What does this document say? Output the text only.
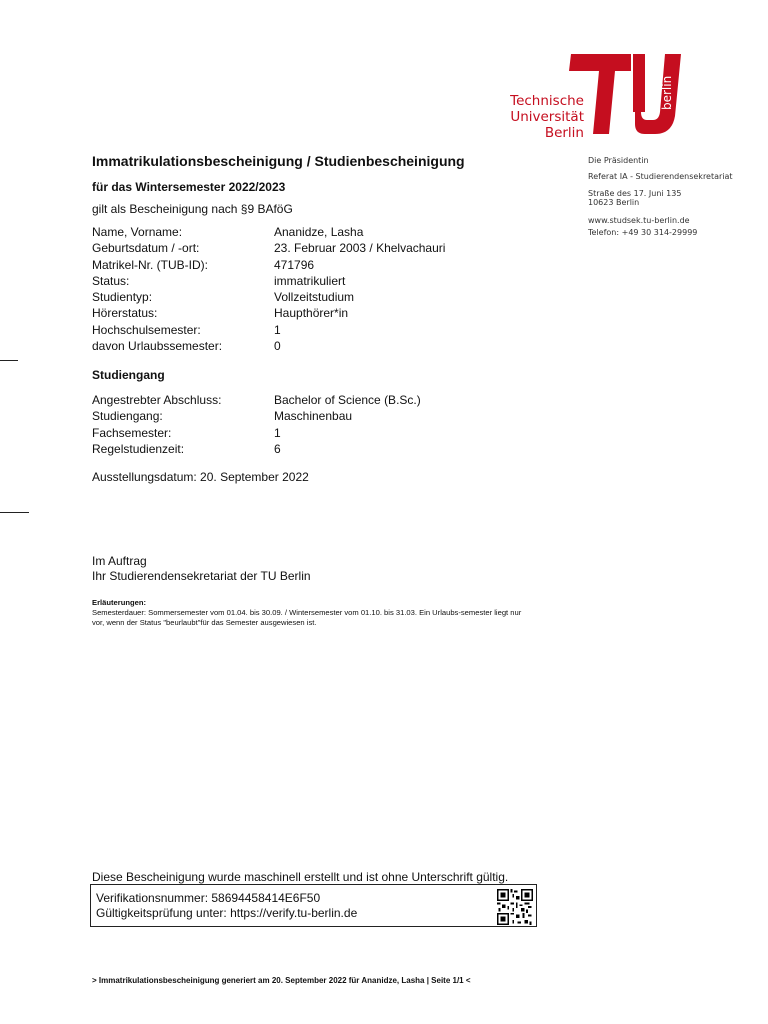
Technische
Universität
Berlin
berlin
Die Präsidentin
Referat IA - Studierendensekretariat
Straße des 17. Juni 135
10623 Berlin
www.studsek.tu-berlin.de
Telefon: +49 30 314-29999
Immatrikulationsbescheinigung / Studienbescheinigung
für das Wintersemester 2022/2023
gilt als Bescheinigung nach §9 BAföG
Name, Vorname:	Ananidze, Lasha
Geburtsdatum / -ort:	23. Februar 2003 / Khelvachauri
Matrikel-Nr. (TUB-ID):	471796
Status:	immatrikuliert
Studientyp:	Vollzeitstudium
Hörerstatus:	Haupthörer*in
Hochschulsemester:	1
davon Urlaubssemester:	0
Studiengang
Angestrebter Abschluss:	Bachelor of Science (B.Sc.)
Studiengang:	Maschinenbau
Fachsemester:	1
Regelstudienzeit:	6
Ausstellungsdatum: 20. September 2022
Im Auftrag
Ihr Studierendensekretariat der TU Berlin
Erläuterungen:
Semesterdauer: Sommersemester vom 01.04. bis 30.09. / Wintersemester vom 01.10. bis 31.03. Ein Urlaubs-semester liegt nur vor, wenn der Status "beurlaubt"für das Semester ausgewiesen ist.
Diese Bescheinigung wurde maschinell erstellt und ist ohne Unterschrift gültig.
Verifikationsnummer: 58694458414E6F50
Gültigkeitsprüfung unter: https://verify.tu-berlin.de
> Immatrikulationsbescheinigung generiert am 20. September 2022 für Ananidze, Lasha | Seite 1/1 <
